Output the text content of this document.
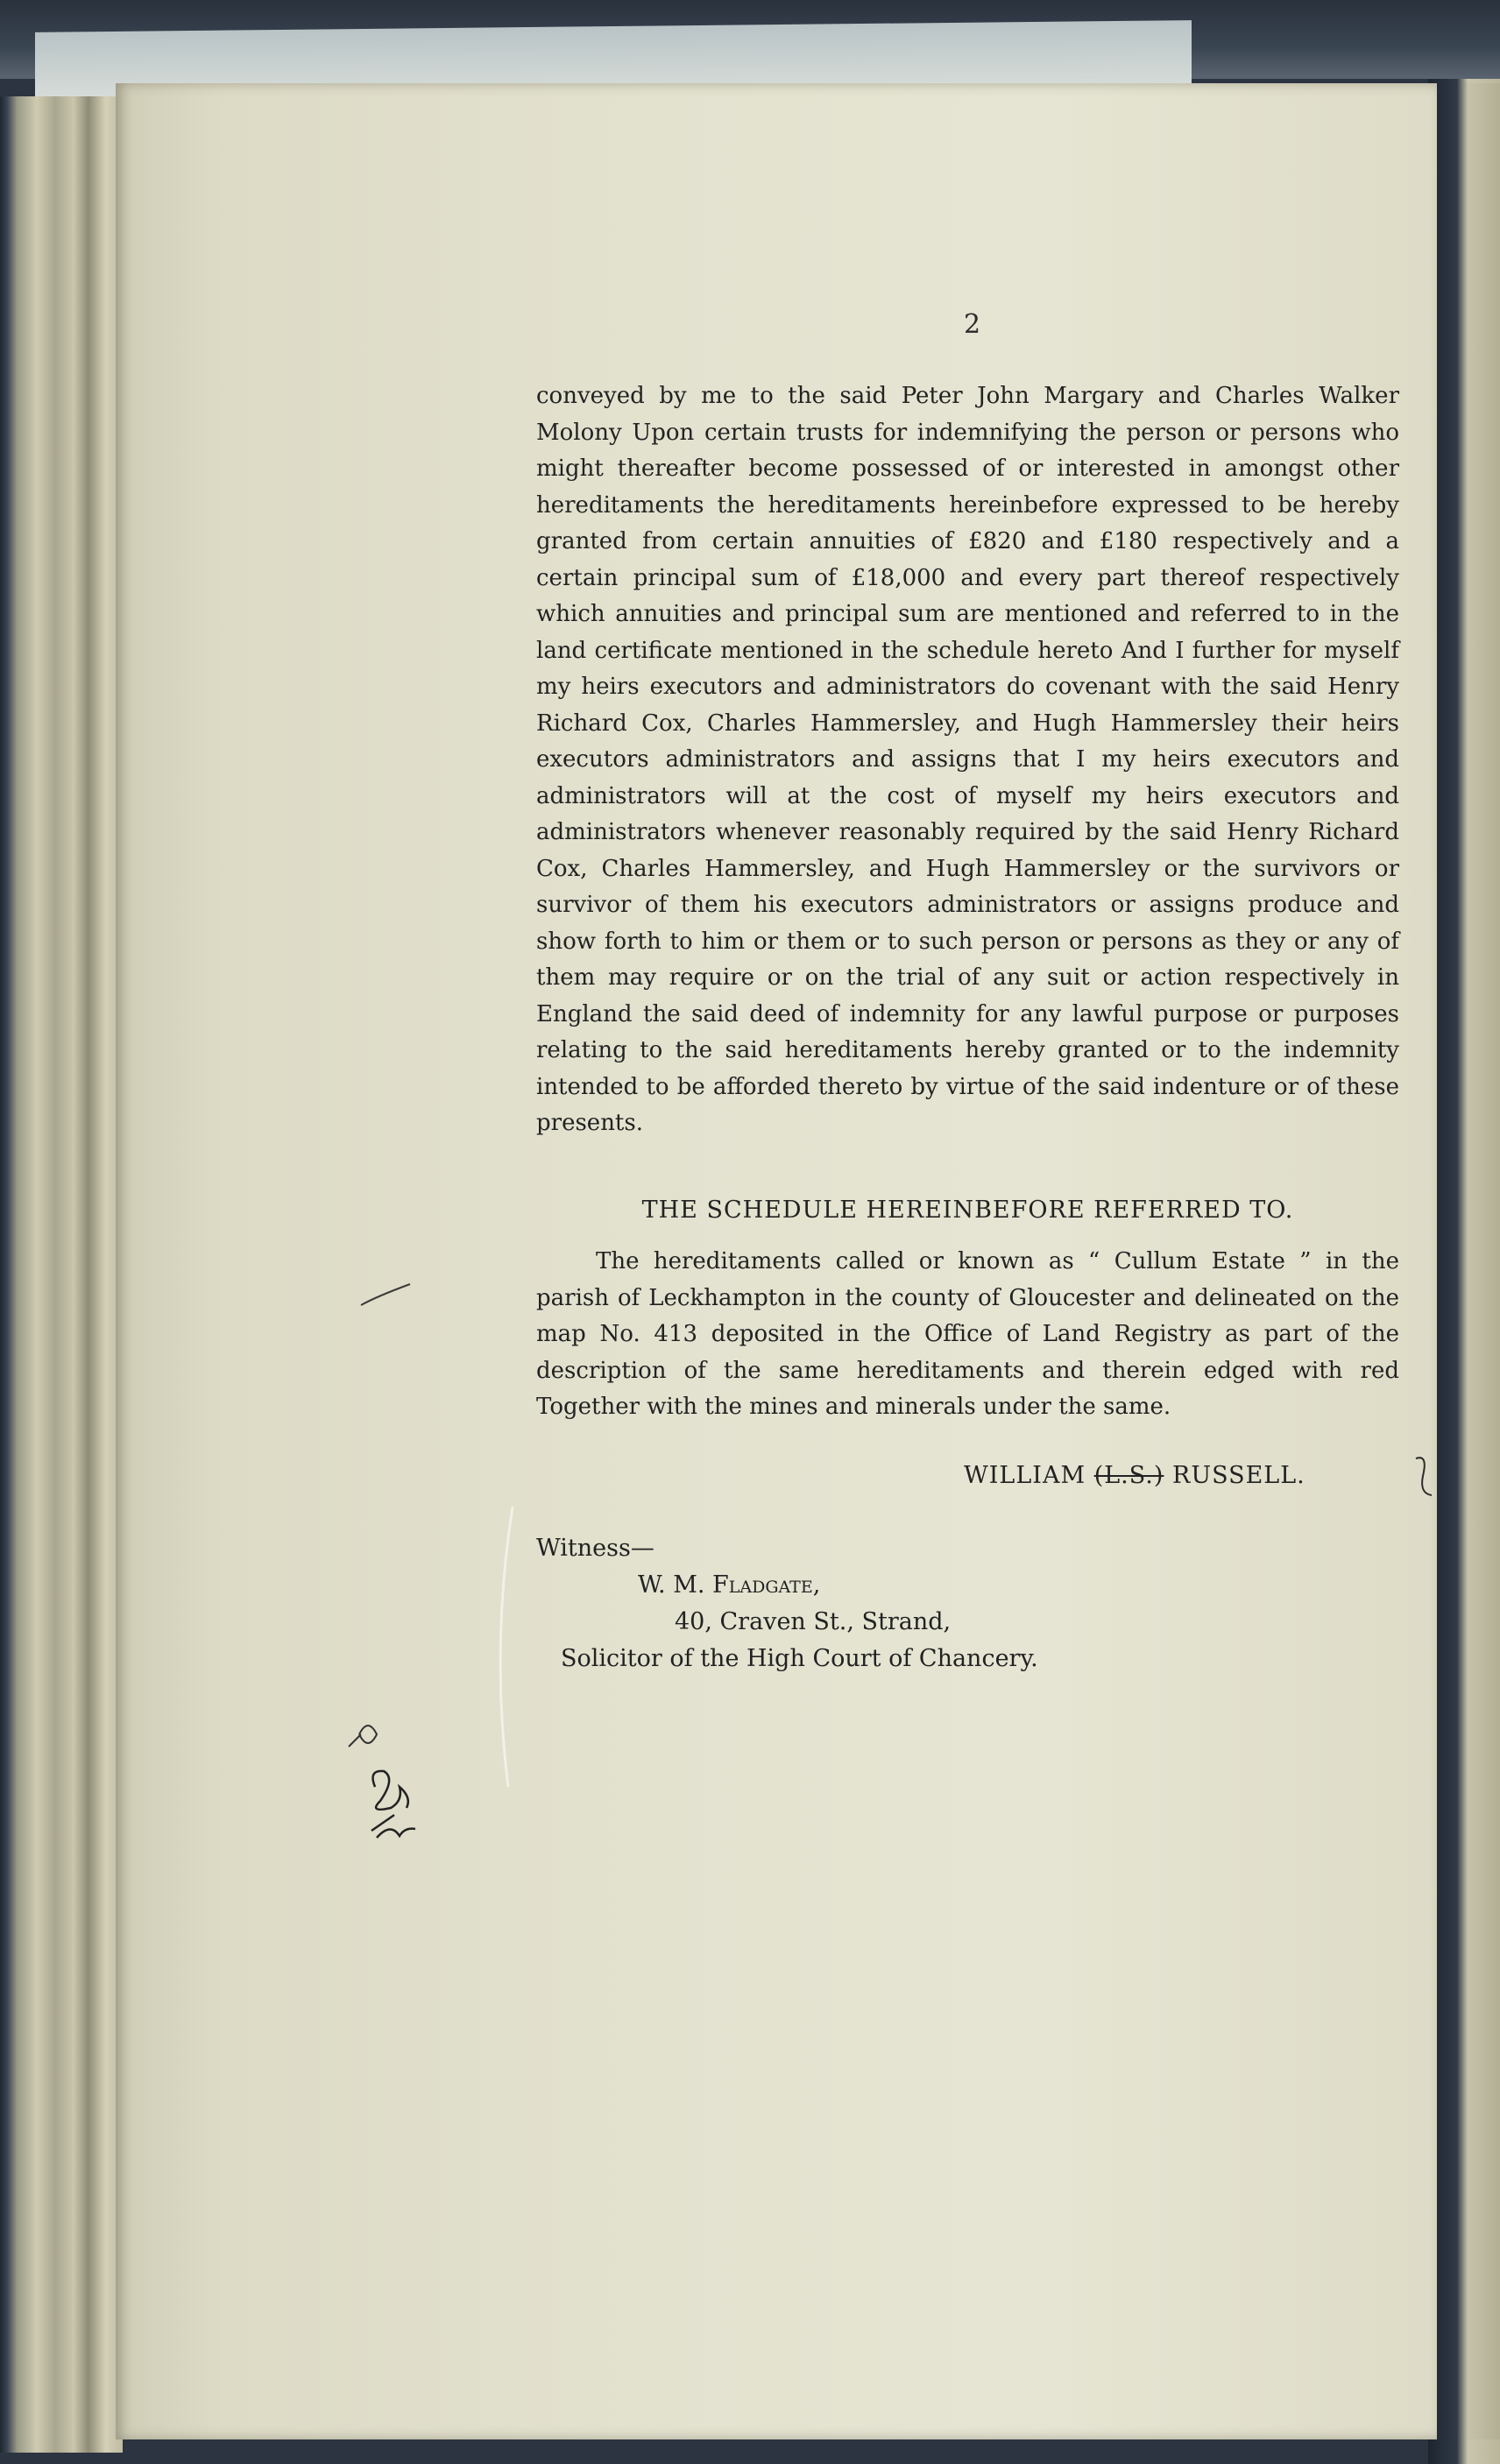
2
conveyed by me to the said Peter John Margary and Charles Walker Molony Upon certain trusts for indemnifying the person or persons who might thereafter become possessed of or interested in amongst other hereditaments the hereditaments hereinbefore expressed to be hereby granted from certain annuities of £820 and £180 respectively and a certain principal sum of £18,000 and every part thereof respectively which annuities and principal sum are mentioned and referred to in the land certificate mentioned in the schedule hereto And I further for myself my heirs executors and administrators do covenant with the said Henry Richard Cox, Charles Hammersley, and Hugh Hammersley their heirs executors administrators and assigns that I my heirs executors and administrators will at the cost of myself my heirs executors and administrators whenever reasonably required by the said Henry Richard Cox, Charles Hammersley, and Hugh Hammersley or the survivors or survivor of them his executors administrators or assigns produce and show forth to him or them or to such person or persons as they or any of them may require or on the trial of any suit or action respectively in England the said deed of indemnity for any lawful purpose or purposes relating to the said hereditaments hereby granted or to the indemnity intended to be afforded thereto by virtue of the said indenture or of these presents.
THE SCHEDULE HEREINBEFORE REFERRED TO.
The hereditaments called or known as “ Cullum Estate ” in the parish of Leckhampton in the county of Gloucester and delineated on the map No. 413 deposited in the Office of Land Registry as part of the description of the same hereditaments and therein edged with red Together with the mines and minerals under the same.
WILLIAM (L.S.) RUSSELL.
Witness—
W. M. Fladgate,
40, Craven St., Strand,
Solicitor of the High Court of Chancery.
